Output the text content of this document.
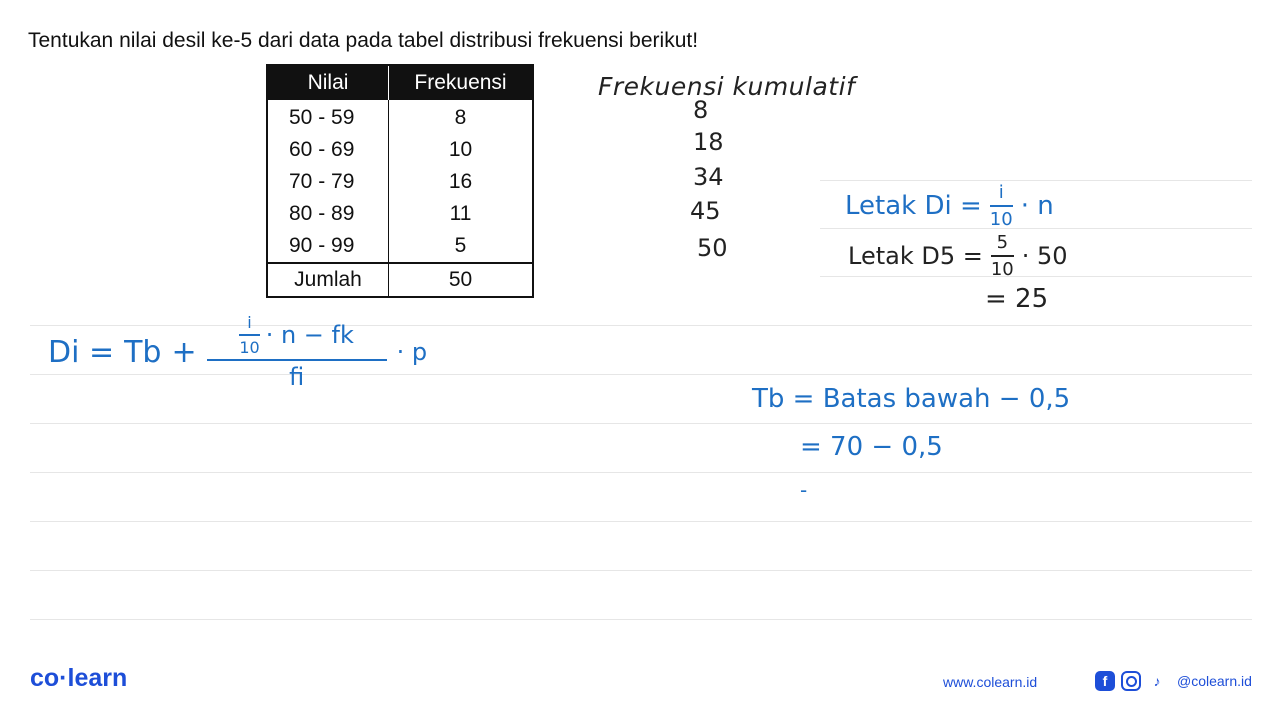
Tentukan nilai desil ke-5 dari data pada tabel distribusi frekuensi berikut!
Nilai	Frekuensi
50 - 59	8
60 - 69	10
70 - 79	16
80 - 89	11
90 - 99	5
Jumlah	50
Frekuensi kumulatif
8
18
34
45
50
$Di = Tb + \frac{\frac{i}{10} \cdot n - fk}{fi} \cdot p$
Letak $Di = \frac{i}{10} \cdot n$
Letak $D5 = \frac{5}{10} \cdot 50$
= 25
Tb = Batas bawah − 0,5
= 70 − 0,5
-
co·learn	www.colearn.id	f	♪	@colearn.id
